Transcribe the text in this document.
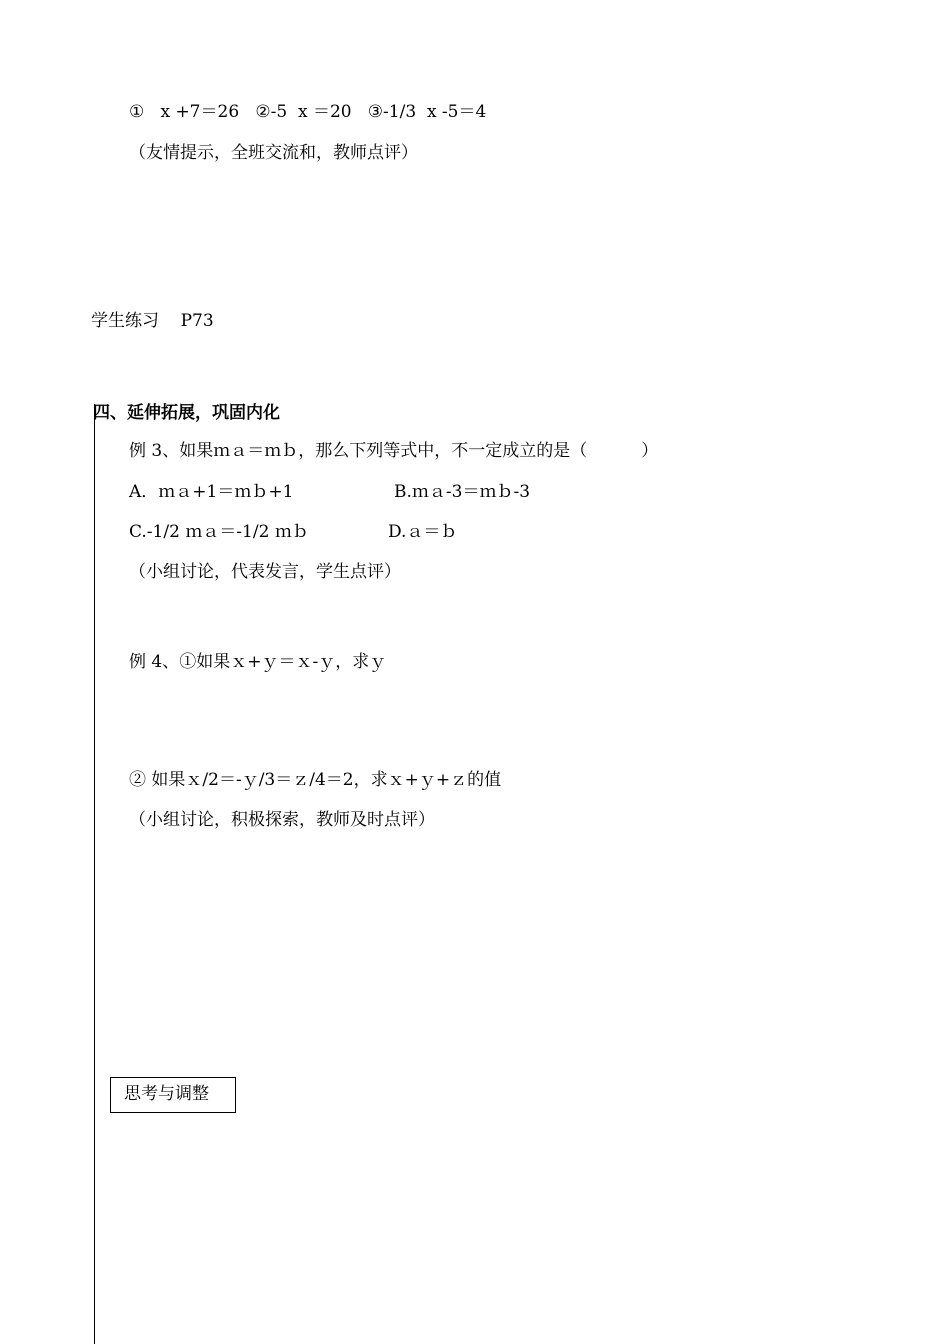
①   x +7＝26   ②-5  x ＝20   ③-1/3  x -5＝4
（友情提示，全班交流和，教师点评）
学生练习    P73
四、延伸拓展，巩固内化
例 3、如果ｍａ＝ｍｂ，那么下列等式中，不一定成立的是（          ）
A．ｍａ+1＝ｍｂ+1	B.ｍａ-3＝ｍｂ-3
C.-1/2 ｍａ＝-1/2 ｍｂ	D.ａ＝ｂ
（小组讨论，代表发言，学生点评）
例 4、①如果ｘ+ｙ＝ｘ-ｙ，求ｙ
② 如果ｘ/2＝-ｙ/3＝ｚ/4＝2，求ｘ+ｙ+ｚ的值
（小组讨论，积极探索，教师及时点评）
思考与调整
